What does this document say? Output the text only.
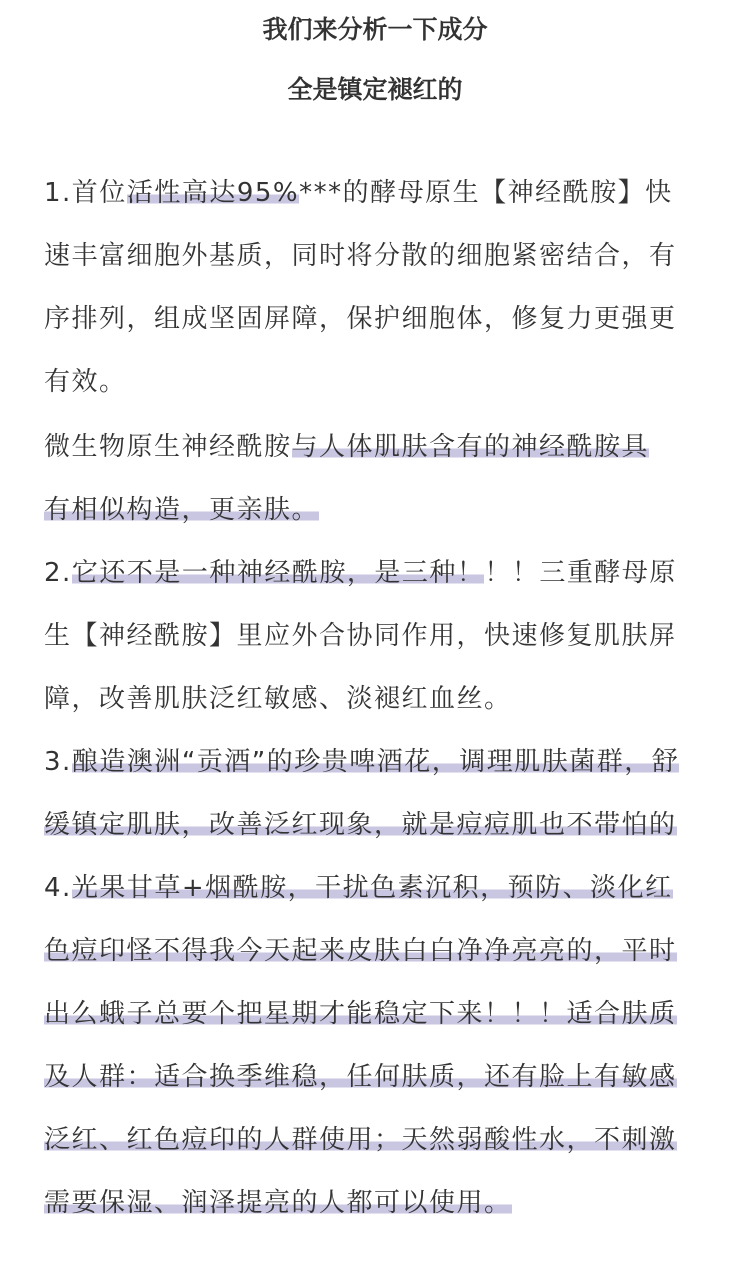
我们来分析一下成分
全是镇定褪红的
1.首位活性高达95%***的酵母原生【神经酰胺】快
速丰富细胞外基质，同时将分散的细胞紧密结合，有
序排列，组成坚固屏障，保护细胞体，修复力更强更
有效。
微生物原生神经酰胺与人体肌肤含有的神经酰胺具
有相似构造，更亲肤。
2.它还不是一种神经酰胺，是三种！！！三重酵母原
生【神经酰胺】里应外合协同作用，快速修复肌肤屏
障，改善肌肤泛红敏感、淡褪红血丝。
3.酿造澳洲“贡酒”的珍贵啤酒花，调理肌肤菌群，舒
缓镇定肌肤，改善泛红现象，就是痘痘肌也不带怕的
4.光果甘草+烟酰胺，干扰色素沉积，预防、淡化红
色痘印怪不得我今天起来皮肤白白净净亮亮的，平时
出么蛾子总要个把星期才能稳定下来！！！适合肤质
及人群：适合换季维稳，任何肤质，还有脸上有敏感
泛红、红色痘印的人群使用；天然弱酸性水，不刺激
需要保湿、润泽提亮的人都可以使用。
